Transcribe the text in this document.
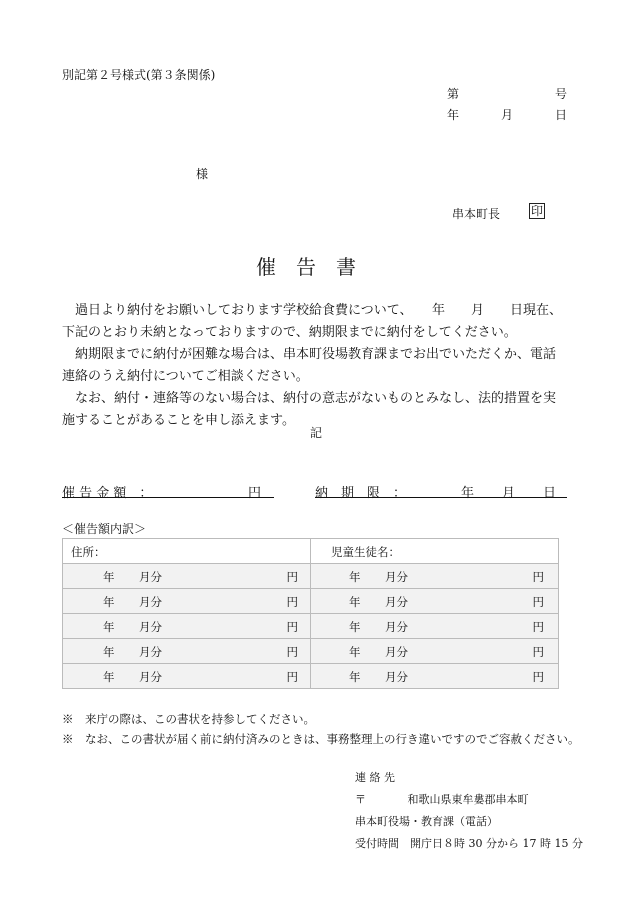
別記第２号様式(第３条関係)
第	号
年	月	日
様
串本町長	印
催　告　書

過日より納付をお願いしております学校給食費について、　　年　　月　　日現在、

下記のとおり未納となっておりますので、納期限までに納付をしてください。

納期限までに納付が困難な場合は、串本町役場教育課までお出でいただくか、電話

連絡のうえ納付についてご相談ください。

なお、納付・連絡等のない場合は、納付の意志がないものとみなし、法的措置を実

施することがあることを申し添えます。

記
催 告 金 額　：	円	納　期　限　：	年 月 日
＜催告額内訳＞
住所：	児童生徒名：

年 月分 円	年 月分 円

年 月分 円	年 月分 円

年 月分 円	年 月分 円

年 月分 円	年 月分 円

年 月分 円	年 月分 円
※　来庁の際は、この書状を持参してください。
※　なお、この書状が届く前に納付済みのときは、事務整理上の行き違いですのでご容赦ください。
連 絡 先
〒	和歌山県東牟婁郡串本町
串本町役場・教育課（電話）
受付時間　開庁日８時 30 分から 17 時 15 分
